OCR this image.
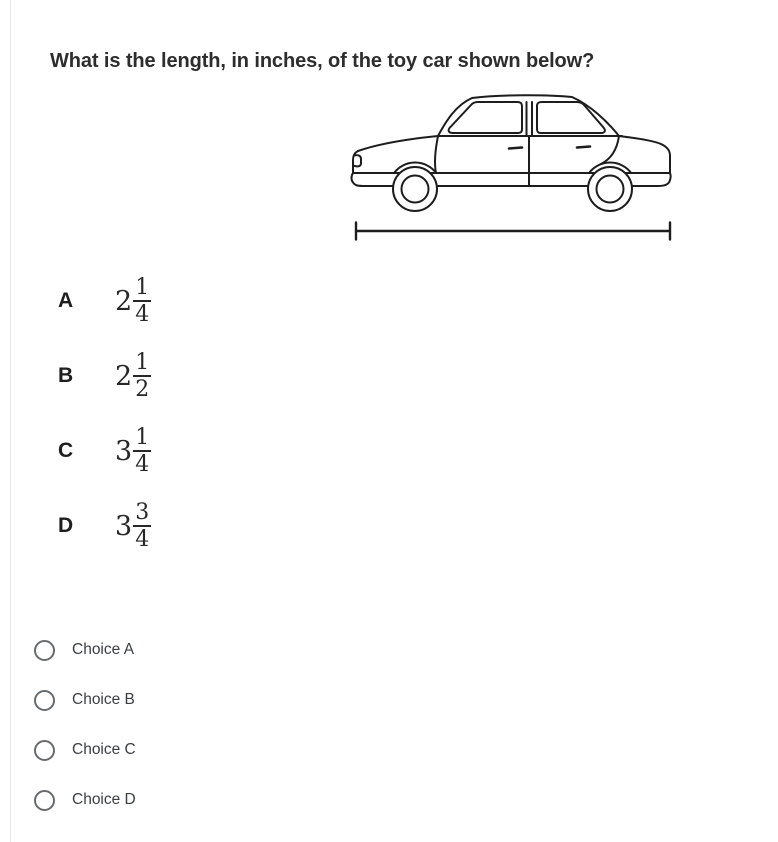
What is the length, in inches, of the toy car shown below?
A	$2 \frac{1}{4}$
B	$2 \frac{1}{2}$
C	$3 \frac{1}{4}$
D	$3 \frac{3}{4}$
Choice A
Choice B
Choice C
Choice D
